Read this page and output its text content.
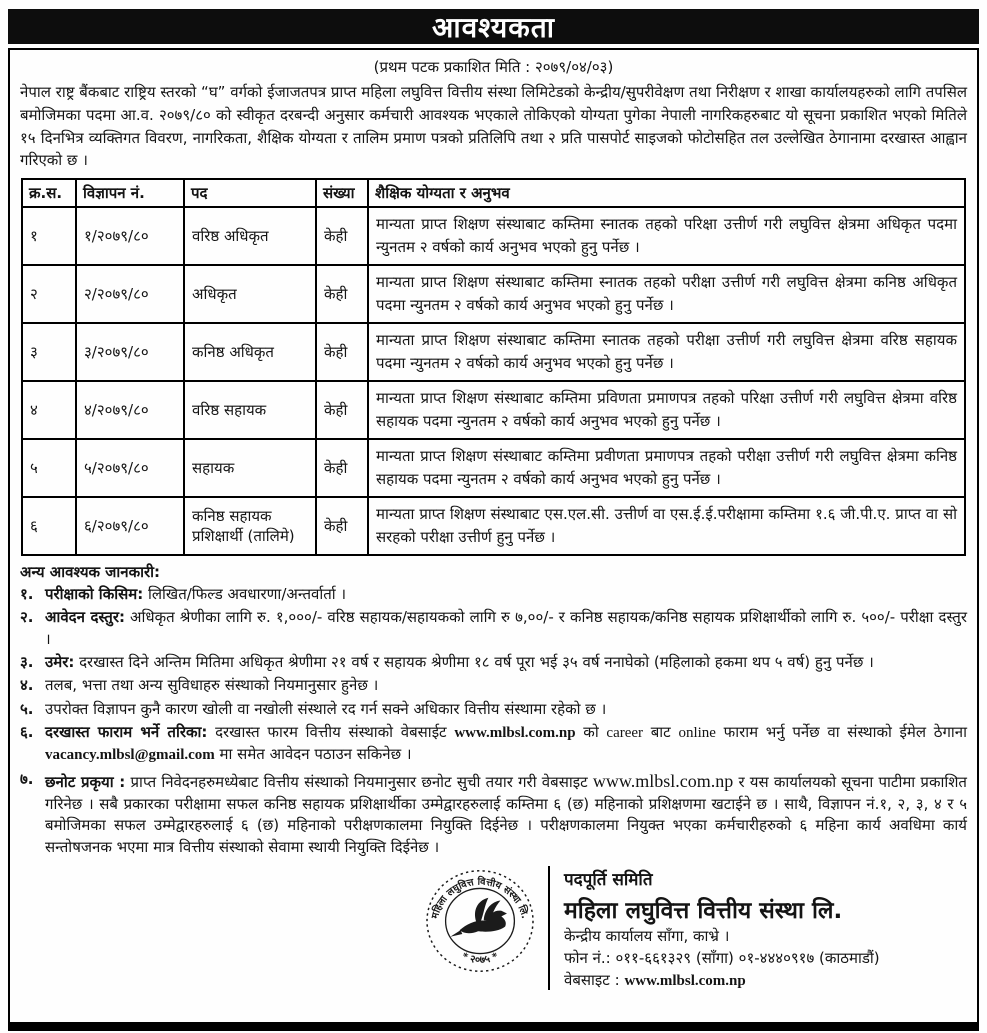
आवश्यकता
(प्रथम पटक प्रकाशित मिति : २०७९/०४/०३)
नेपाल राष्ट्र बैंकबाट राष्ट्रिय स्तरको “घ” वर्गको ईजाजतपत्र प्राप्त महिला लघुवित्त वित्तीय संस्था लिमिटेडको केन्द्रीय/सुपरीवेक्षण तथा निरीक्षण र शाखा कार्यालयहरुको लागि तपसिल बमोजिमका पदमा आ.व. २०७९/८० को स्वीकृत दरबन्दी अनुसार कर्मचारी आवश्यक भएकाले तोकिएको योग्यता पुगेका नेपाली नागरिकहरुबाट यो सूचना प्रकाशित भएको मितिले १५ दिनभित्र व्यक्तिगत विवरण, नागरिकता, शैक्षिक योग्यता र तालिम प्रमाण पत्रको प्रतिलिपि तथा २ प्रति पासपोर्ट साइजको फोटोसहित तल उल्लेखित ठेगानामा दरखास्त आह्वान गरिएको छ ।
क्र.स.	विज्ञापन नं.	पद	संख्या	शैक्षिक योग्यता र अनुभव
१	१/२०७९/८०	वरिष्ठ अधिकृत	केही	मान्यता प्राप्त शिक्षण संस्थाबाट कम्तिमा स्नातक तहको परिक्षा उत्तीर्ण गरी लघुवित्त क्षेत्रमा अधिकृत पदमा न्युनतम २ वर्षको कार्य अनुभव भएको हुनु पर्नेछ ।
२	२/२०७९/८०	अधिकृत	केही	मान्यता प्राप्त शिक्षण संस्थाबाट कम्तिमा स्नातक तहको परीक्षा उत्तीर्ण गरी लघुवित्त क्षेत्रमा कनिष्ठ अधिकृत पदमा न्युनतम २ वर्षको कार्य अनुभव भएको हुनु पर्नेछ ।
३	३/२०७९/८०	कनिष्ठ अधिकृत	केही	मान्यता प्राप्त शिक्षण संस्थाबाट कम्तिमा स्नातक तहको परीक्षा उत्तीर्ण गरी लघुवित्त क्षेत्रमा वरिष्ठ सहायक पदमा न्युनतम २ वर्षको कार्य अनुभव भएको हुनु पर्नेछ ।
४	४/२०७९/८०	वरिष्ठ सहायक	केही	मान्यता प्राप्त शिक्षण संस्थाबाट कम्तिमा प्रविणता प्रमाणपत्र तहको परिक्षा उत्तीर्ण गरी लघुवित्त क्षेत्रमा वरिष्ठ सहायक पदमा न्युनतम २ वर्षको कार्य अनुभव भएको हुनु पर्नेछ ।
५	५/२०७९/८०	सहायक	केही	मान्यता प्राप्त शिक्षण संस्थाबाट कम्तिमा प्रवीणता प्रमाणपत्र तहको परीक्षा उत्तीर्ण गरी लघुवित्त क्षेत्रमा कनिष्ठ सहायक पदमा न्युनतम २ वर्षको कार्य अनुभव भएको हुनु पर्नेछ ।
६	६/२०७९/८०	कनिष्ठ सहायक प्रशिक्षार्थी (तालिमे)	केही	मान्यता प्राप्त शिक्षण संस्थाबाट एस.एल.सी. उत्तीर्ण वा एस.ई.ई.परीक्षामा कम्तिमा १.६ जी.पी.ए. प्राप्त वा सो सरहको परीक्षा उत्तीर्ण हुनु पर्नेछ ।
अन्य आवश्यक जानकारी:
१. परीक्षाको किसिम: लिखित/फिल्ड अवधारणा/अन्तर्वार्ता ।
२. आवेदन दस्तुर: अधिकृत श्रेणीका लागि रु. १,०००/- वरिष्ठ सहायक/सहायकको लागि रु ७,००/- र कनिष्ठ सहायक/कनिष्ठ सहायक प्रशिक्षार्थीको लागि रु. ५००/- परीक्षा दस्तुर ।
३. उमेर: दरखास्त दिने अन्तिम मितिमा अधिकृत श्रेणीमा २१ वर्ष र सहायक श्रेणीमा १८ वर्ष पूरा भई ३५ वर्ष ननाघेको (महिलाको हकमा थप ५ वर्ष) हुनु पर्नेछ ।
४. तलब, भत्ता तथा अन्य सुविधाहरु संस्थाको नियमानुसार हुनेछ ।
५. उपरोक्त विज्ञापन कुनै कारण खोली वा नखोली संस्थाले रद गर्न सक्ने अधिकार वित्तीय संस्थामा रहेको छ ।
६. दरखास्त फाराम भर्ने तरिका: दरखास्त फारम वित्तीय संस्थाको वेबसाईट www.mlbsl.com.np को career बाट online फाराम भर्नु पर्नेछ वा संस्थाको ईमेल ठेगाना vacancy.mlbsl@gmail.com मा समेत आवेदन पठाउन सकिनेछ ।
७. छनोट प्रकृया : प्राप्त निवेदनहरुमध्येबाट वित्तीय संस्थाको नियमानुसार छनोट सुची तयार गरी वेबसाइट www.mlbsl.com.np र यस कार्यालयको सूचना पाटीमा प्रकाशित गरिनेछ । सबै प्रकारका परीक्षामा सफल कनिष्ठ सहायक प्रशिक्षार्थीका उम्मेद्वारहरुलाई कम्तिमा ६ (छ) महिनाको प्रशिक्षणमा खटाईने छ । साथै, विज्ञापन नं.१, २, ३, ४ र ५ बमोजिमका सफल उम्मेद्वारहरुलाई ६ (छ) महिनाको परीक्षणकालमा नियुक्ति दिईनेछ । परीक्षणकालमा नियुक्त भएका कर्मचारीहरुको ६ महिना कार्य अवधिमा कार्य सन्तोषजनक भएमा मात्र वित्तीय संस्थाको सेवामा स्थायी नियुक्ति दिईनेछ ।
महिला लघुवित्त वित्तीय संस्था लि.
* २०७५ *
पदपूर्ति समिति
महिला लघुवित्त वित्तीय संस्था लि.
केन्द्रीय कार्यालय साँगा, काभ्रे ।
फोन नं.: ०११-६६१३२९ (साँगा) ०१-४४४०९१७ (काठमाडौं)
वेबसाइट : www.mlbsl.com.np
